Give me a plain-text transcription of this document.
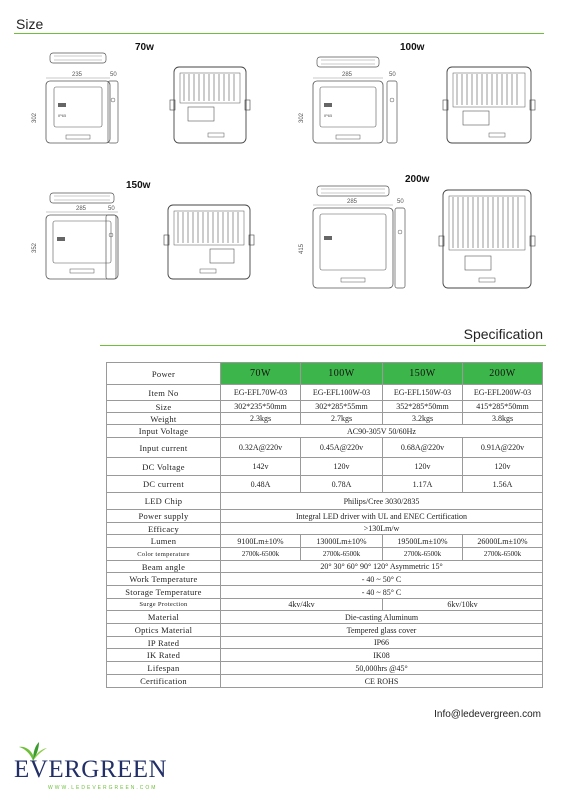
Size
70w
235
302	IP65
50
100w
285
302	IP65
50
150w
285
352
50
200w
285
415
50
Specification
Power	70W	100W	150W	200W
Item No	EG-EFL70W-03	EG-EFL100W-03	EG-EFL150W-03	EG-EFL200W-03
Size	302*235*50mm	302*285*55mm	352*285*50mm	415*285*50mm
Weight	2.3kgs	2.7kgs	3.2kgs	3.8kgs
Input Voltage	AC90-305V 50/60Hz			
Input current	0.32A@220v	0.45A@220v	0.68A@220v	0.91A@220v
DC Voltage	142v	120v	120v	120v
DC current	0.48A	0.78A	1.17A	1.56A
LED Chip	Philips/Cree 3030/2835			
Power supply	Integral LED driver with UL and ENEC Certification			
Efficacy	>130Lm/w			
Lumen	9100Lm±10%	13000Lm±10%	19500Lm±10%	26000Lm±10%
Color temperature	2700k-6500k	2700k-6500k	2700k-6500k	2700k-6500k
Beam angle	20° 30° 60° 90° 120° Asymmetric 15°			
Work Temperature	- 40 ~ 50° C			
Storage Temperature	- 40 ~ 85° C			
Surge Protection	4kv/4kv		6kv/10kv	
Material	Die-casting Aluminum			
Optics Material	Tempered glass cover			
IP Rated	IP66			
IK Rated	IK08			
Lifespan	50,000hrs @45°			
Certification	CE ROHS			
Info@ledevergreen.com
EVERGREEN
WWW.LEDEVERGREEN.COM
